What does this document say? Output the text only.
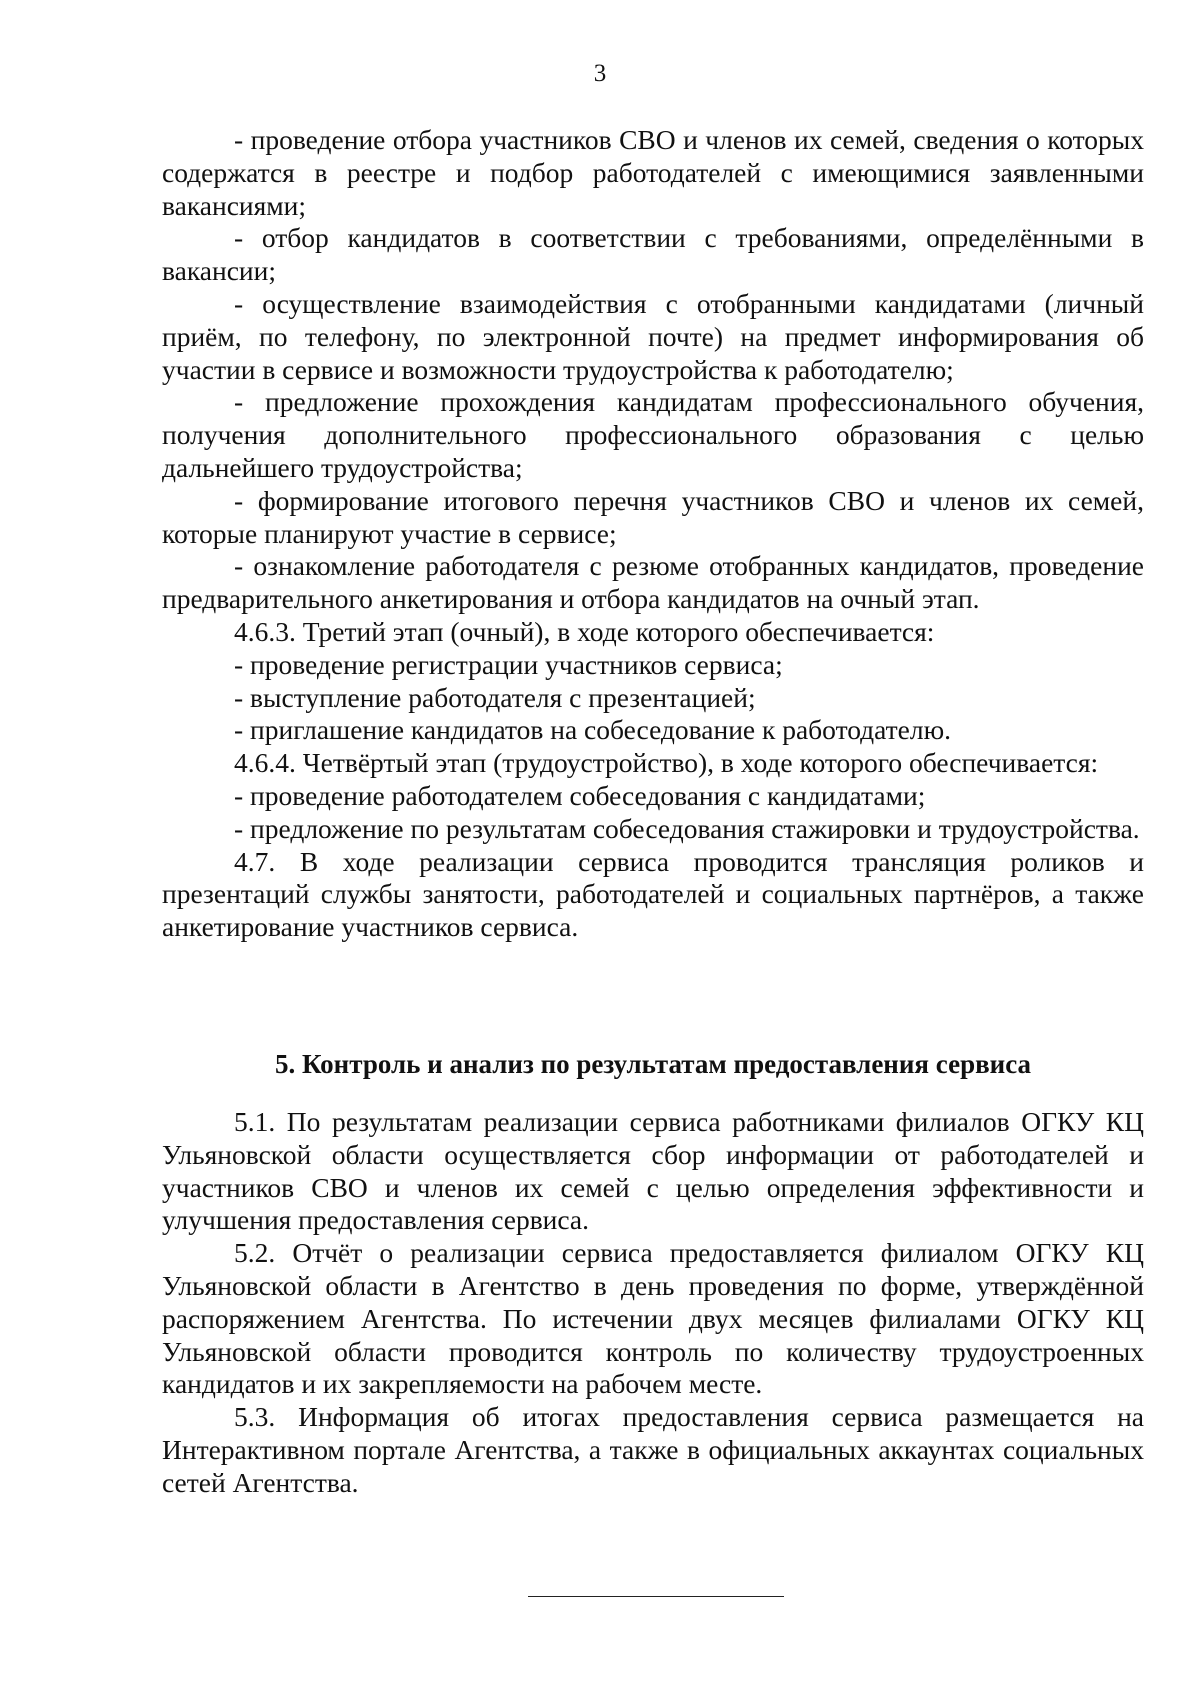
3

- проведение отбора участников СВО и членов их семей, сведения о которых содержатся в реестре и подбор работодателей с имеющимися заявленными вакансиями;

- отбор кандидатов в соответствии с требованиями, определёнными в вакансии;

- осуществление взаимодействия с отобранными кандидатами (личный приём, по телефону, по электронной почте) на предмет информирования об участии в сервисе и возможности трудоустройства к работодателю;

- предложение прохождения кандидатам профессионального обучения, получения дополнительного профессионального образования с целью дальнейшего трудоустройства;

- формирование итогового перечня участников СВО и членов их семей, которые планируют участие в сервисе;

- ознакомление работодателя с резюме отобранных кандидатов, проведение предварительного анкетирования и отбора кандидатов на очный этап.

4.6.3. Третий этап (очный), в ходе которого обеспечивается:

- проведение регистрации участников сервиса;

- выступление работодателя с презентацией;

- приглашение кандидатов на собеседование к работодателю.

4.6.4. Четвёртый этап (трудоустройство), в ходе которого обеспечивается:

- проведение работодателем собеседования с кандидатами;

- предложение по результатам собеседования стажировки и трудоустройства.

4.7. В ходе реализации сервиса проводится трансляция роликов и презентаций службы занятости, работодателей и социальных партнёров, а также анкетирование участников сервиса.

5. Контроль и анализ по результатам предоставления сервиса

5.1. По результатам реализации сервиса работниками филиалов ОГКУ КЦ Ульяновской области осуществляется сбор информации от работодателей и участников СВО и членов их семей с целью определения эффективности и улучшения предоставления сервиса.

5.2. Отчёт о реализации сервиса предоставляется филиалом ОГКУ КЦ Ульяновской области в Агентство в день проведения по форме, утверждённой распоряжением Агентства. По истечении двух месяцев филиалами ОГКУ КЦ Ульяновской области проводится контроль по количеству трудоустроенных кандидатов и их закрепляемости на рабочем месте.

5.3. Информация об итогах предоставления сервиса размещается на Интерактивном портале Агентства, а также в официальных аккаунтах социальных сетей Агентства.
